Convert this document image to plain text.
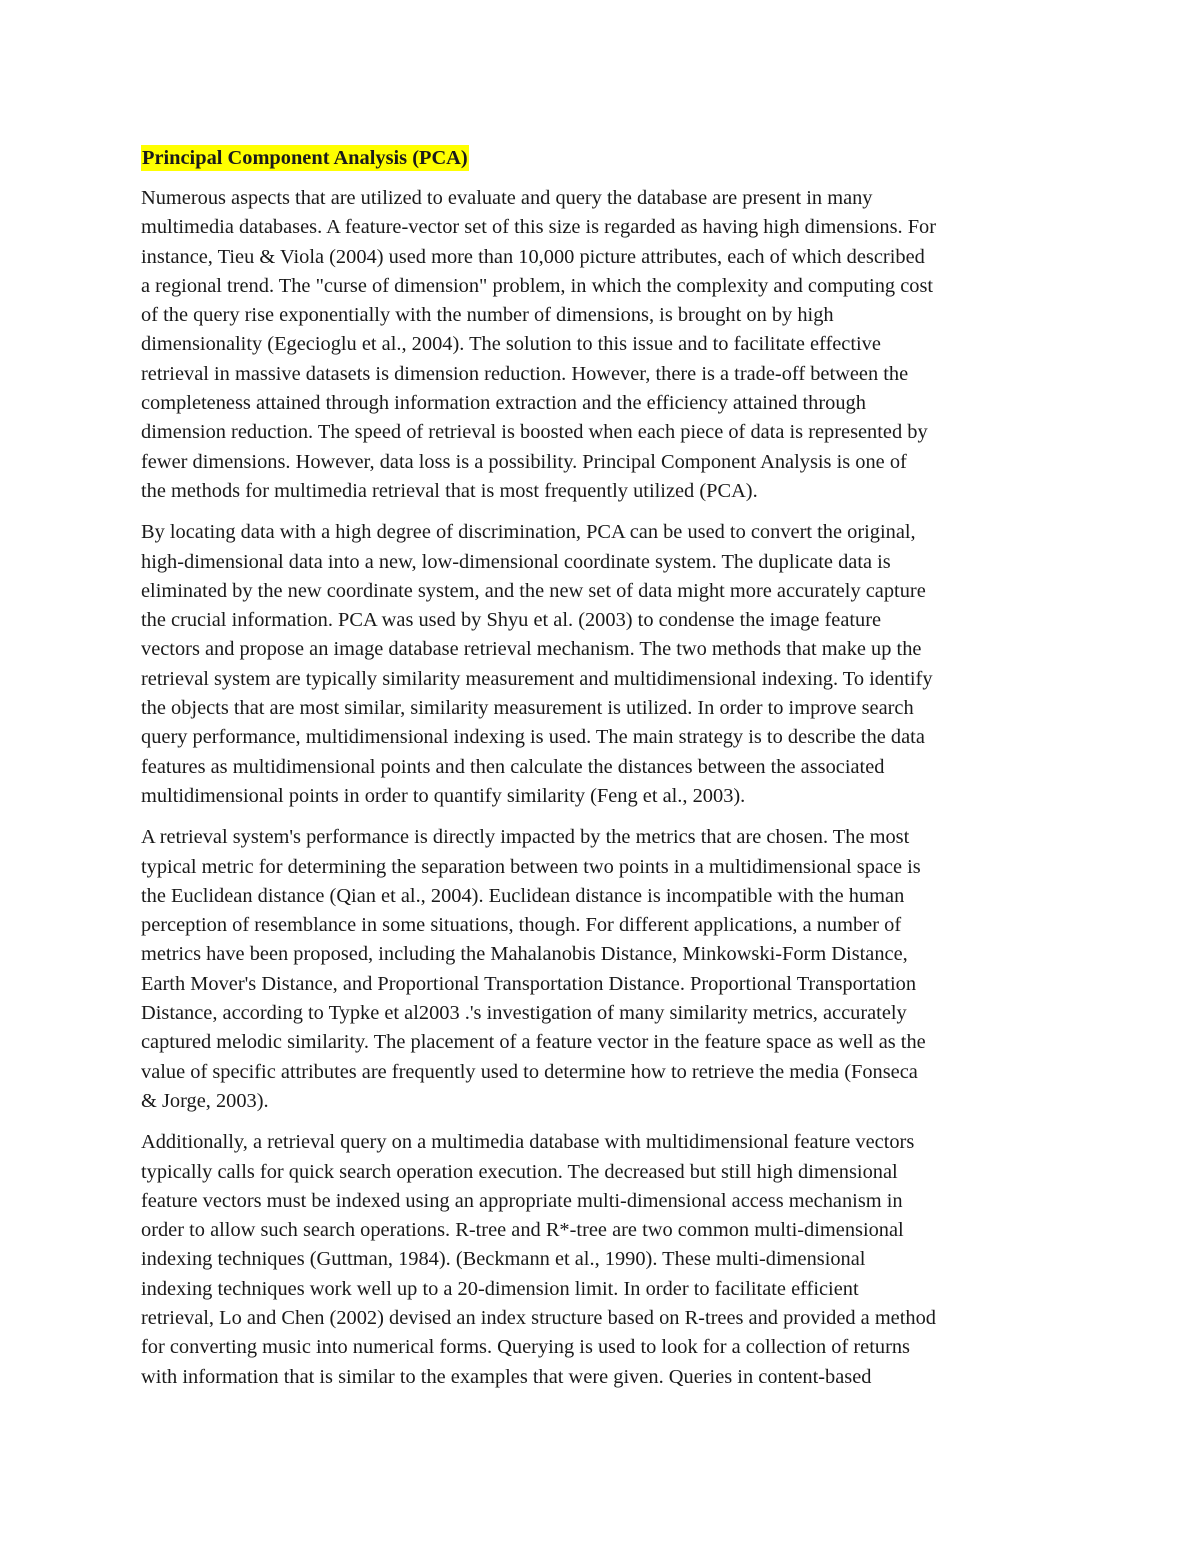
Principal Component Analysis (PCA)

Numerous aspects that are utilized to evaluate and query the database are present in many
multimedia databases. A feature-vector set of this size is regarded as having high dimensions. For
instance, Tieu & Viola (2004) used more than 10,000 picture attributes, each of which described
a regional trend. The "curse of dimension" problem, in which the complexity and computing cost
of the query rise exponentially with the number of dimensions, is brought on by high
dimensionality (Egecioglu et al., 2004). The solution to this issue and to facilitate effective
retrieval in massive datasets is dimension reduction. However, there is a trade-off between the
completeness attained through information extraction and the efficiency attained through
dimension reduction. The speed of retrieval is boosted when each piece of data is represented by
fewer dimensions. However, data loss is a possibility. Principal Component Analysis is one of
the methods for multimedia retrieval that is most frequently utilized (PCA).

By locating data with a high degree of discrimination, PCA can be used to convert the original,
high-dimensional data into a new, low-dimensional coordinate system. The duplicate data is
eliminated by the new coordinate system, and the new set of data might more accurately capture
the crucial information. PCA was used by Shyu et al. (2003) to condense the image feature
vectors and propose an image database retrieval mechanism. The two methods that make up the
retrieval system are typically similarity measurement and multidimensional indexing. To identify
the objects that are most similar, similarity measurement is utilized. In order to improve search
query performance, multidimensional indexing is used. The main strategy is to describe the data
features as multidimensional points and then calculate the distances between the associated
multidimensional points in order to quantify similarity (Feng et al., 2003).

A retrieval system's performance is directly impacted by the metrics that are chosen. The most
typical metric for determining the separation between two points in a multidimensional space is
the Euclidean distance (Qian et al., 2004). Euclidean distance is incompatible with the human
perception of resemblance in some situations, though. For different applications, a number of
metrics have been proposed, including the Mahalanobis Distance, Minkowski-Form Distance,
Earth Mover's Distance, and Proportional Transportation Distance. Proportional Transportation
Distance, according to Typke et al2003 .'s investigation of many similarity metrics, accurately
captured melodic similarity. The placement of a feature vector in the feature space as well as the
value of specific attributes are frequently used to determine how to retrieve the media (Fonseca
& Jorge, 2003).

Additionally, a retrieval query on a multimedia database with multidimensional feature vectors
typically calls for quick search operation execution. The decreased but still high dimensional
feature vectors must be indexed using an appropriate multi-dimensional access mechanism in
order to allow such search operations. R-tree and R*-tree are two common multi-dimensional
indexing techniques (Guttman, 1984). (Beckmann et al., 1990). These multi-dimensional
indexing techniques work well up to a 20-dimension limit. In order to facilitate efficient
retrieval, Lo and Chen (2002) devised an index structure based on R-trees and provided a method
for converting music into numerical forms. Querying is used to look for a collection of returns
with information that is similar to the examples that were given. Queries in content-based
